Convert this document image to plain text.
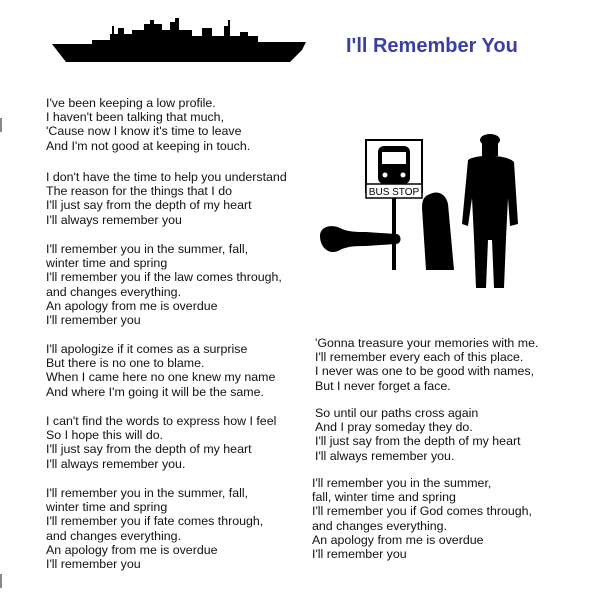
I'll Remember You
BUS STOP
I've been keeping a low profile.
I haven't been talking that much,
'Cause now I know it's time to leave
And I'm not good at keeping in touch.
I don't have the time to help you understand
The reason for the things that I do
I'll just say from the depth of my heart
I'll always remember you
I'll remember you in the summer, fall,
winter time and spring
I'll remember you if the law comes through,
and changes everything.
An apology from me is overdue
I'll remember you
I'll apologize if it comes as a surprise
But there is no one to blame.
When I came here no one knew my name
And where I'm going it will be the same.
I can't find the words to express how I feel
So I hope this will do.
I'll just say from the depth of my heart
I'll always remember you.
I'll remember you in the summer, fall,
winter time and spring
I'll remember you if fate comes through,
and changes everything.
An apology from me is overdue
I'll remember you
'Gonna treasure your memories with me.
I'll remember every each of this place.
I never was one to be good with names,
But I never forget a face.
So until our paths cross again
And I pray someday they do.
I'll just say from the depth of my heart
I'll always remember you.
I'll remember you in the summer,
fall, winter time and spring
I'll remember you if God comes through,
and changes everything.
An apology from me is overdue
I'll remember you
